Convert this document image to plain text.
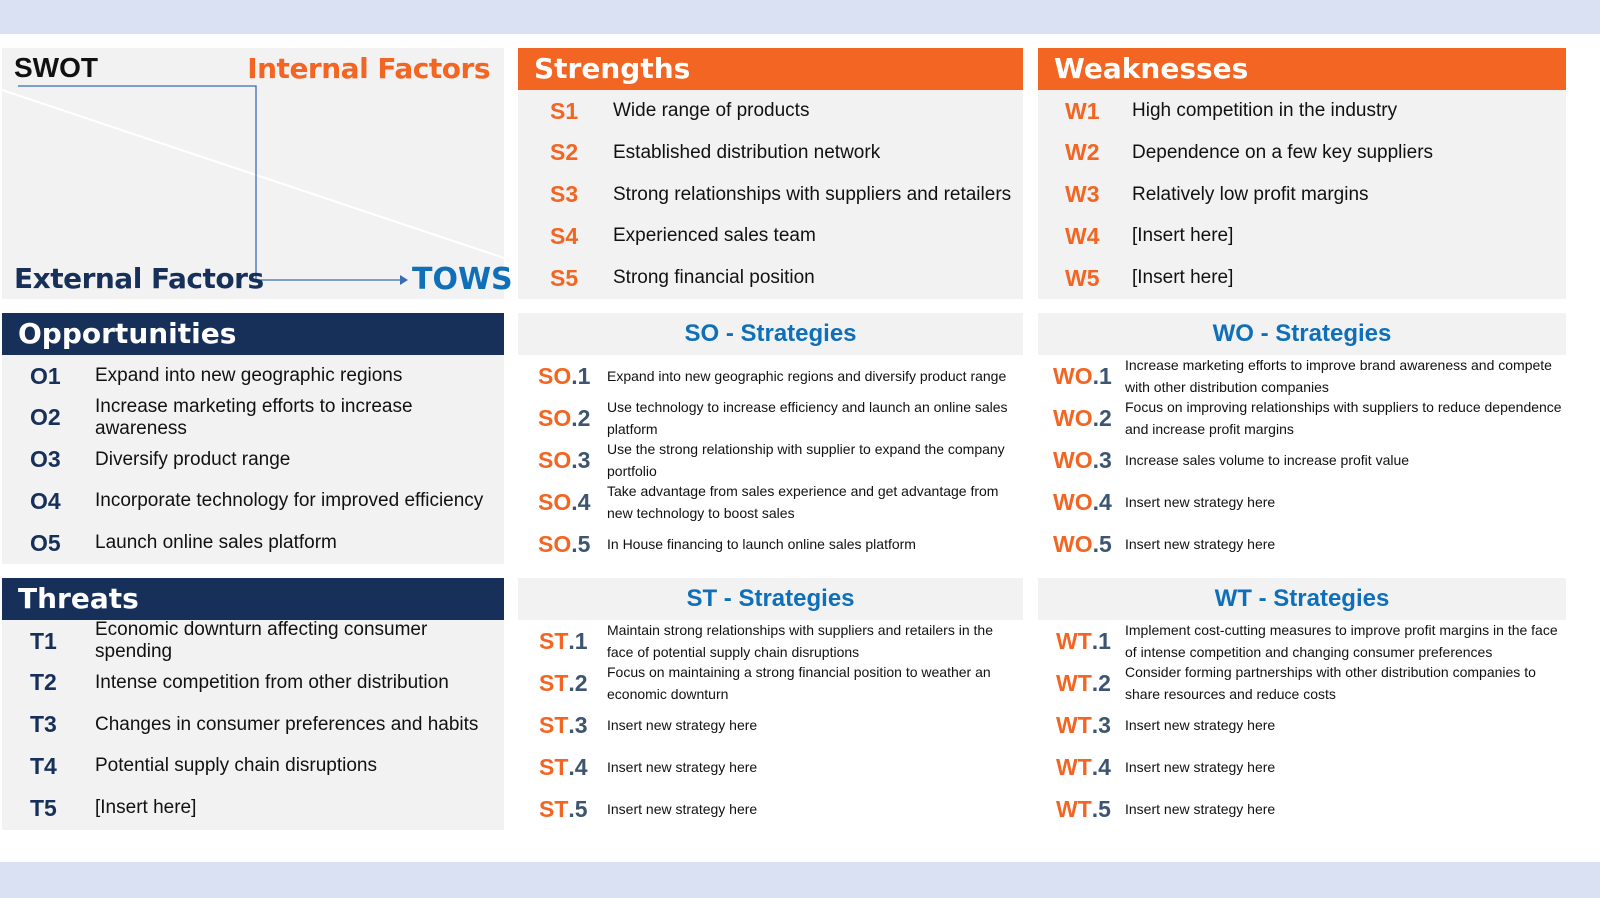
SWOT	Internal Factors
External Factors	TOWS
Strengths
S1 Wide range of products
S2 Established distribution network
S3 Strong relationships with suppliers and retailers
S4 Experienced sales team
S5 Strong financial position
Weaknesses
W1 High competition in the industry
W2 Dependence on a few key suppliers
W3 Relatively low profit margins
W4 [Insert here]
W5 [Insert here]
Opportunities
O1 Expand into new geographic regions
O2 Increase marketing efforts to increase awareness
O3 Diversify product range
O4 Incorporate technology for improved efficiency
O5 Launch online sales platform
Threats
T1 Economic downturn affecting consumer spending
T2 Intense competition from other distribution
T3 Changes in consumer preferences and habits
T4 Potential supply chain disruptions
T5 [Insert here]
SO - Strategies
SO.1 Expand into new geographic regions and diversify product range
SO.2 Use technology to increase efficiency and launch an online sales platform
SO.3 Use the strong relationship with supplier to expand the company portfolio
SO.4 Take advantage from sales experience and get advantage from new technology to boost sales
SO.5 In House financing to launch online sales platform
WO - Strategies
WO.1 Increase marketing efforts to improve brand awareness and compete with other distribution companies
WO.2 Focus on improving relationships with suppliers to reduce dependence and increase profit margins
WO.3 Increase sales volume to increase profit value
WO.4 Insert new strategy here
WO.5 Insert new strategy here
ST - Strategies
ST.1 Maintain strong relationships with suppliers and retailers in the face of potential supply chain disruptions
ST.2 Focus on maintaining a strong financial position to weather an economic downturn
ST.3 Insert new strategy here
ST.4 Insert new strategy here
ST.5 Insert new strategy here
WT - Strategies
WT.1 Implement cost-cutting measures to improve profit margins in the face of intense competition and changing consumer preferences
WT.2 Consider forming partnerships with other distribution companies to share resources and reduce costs
WT.3 Insert new strategy here
WT.4 Insert new strategy here
WT.5 Insert new strategy here
